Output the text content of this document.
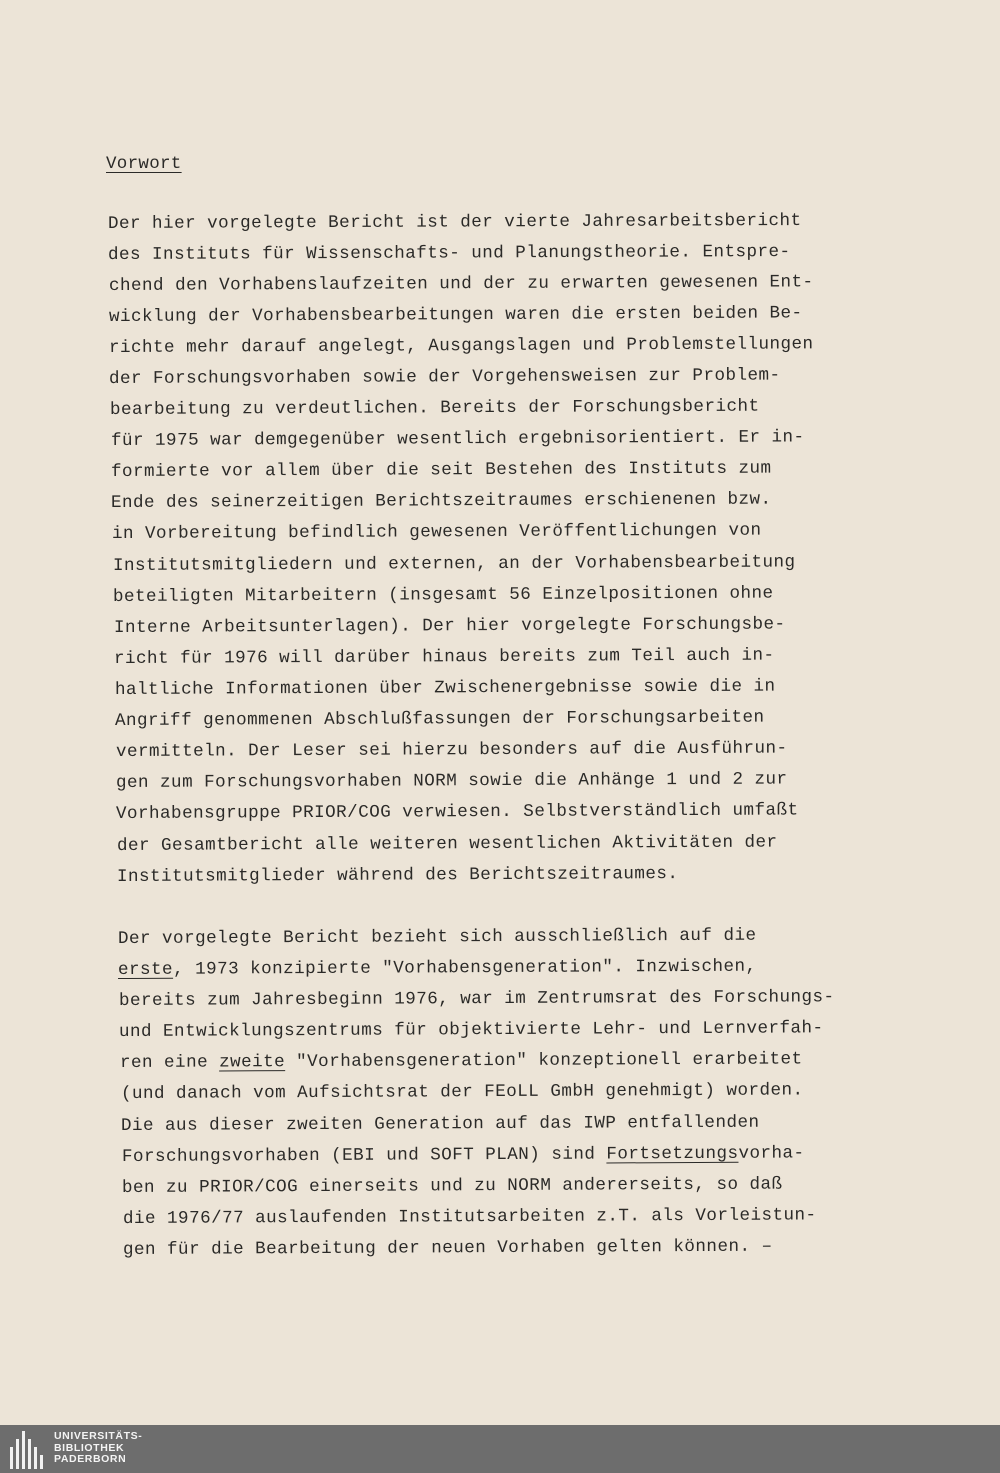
Vorwort
Der hier vorgelegte Bericht ist der vierte Jahresarbeitsbericht
des Instituts für Wissenschafts- und Planungstheorie. Entspre-
chend den Vorhabenslaufzeiten und der zu erwarten gewesenen Ent-
wicklung der Vorhabensbearbeitungen waren die ersten beiden Be-
richte mehr darauf angelegt, Ausgangslagen und Problemstellungen
der Forschungsvorhaben sowie der Vorgehensweisen zur Problem-
bearbeitung zu verdeutlichen. Bereits der Forschungsbericht
für 1975 war demgegenüber wesentlich ergebnisorientiert. Er in-
formierte vor allem über die seit Bestehen des Instituts zum
Ende des seinerzeitigen Berichtszeitraumes erschienenen bzw.
in Vorbereitung befindlich gewesenen Veröffentlichungen von
Institutsmitgliedern und externen, an der Vorhabensbearbeitung
beteiligten Mitarbeitern (insgesamt 56 Einzelpositionen ohne
Interne Arbeitsunterlagen). Der hier vorgelegte Forschungsbe-
richt für 1976 will darüber hinaus bereits zum Teil auch in-
haltliche Informationen über Zwischenergebnisse sowie die in
Angriff genommenen Abschlußfassungen der Forschungsarbeiten
vermitteln. Der Leser sei hierzu besonders auf die Ausführun-
gen zum Forschungsvorhaben NORM sowie die Anhänge 1 und 2 zur
Vorhabensgruppe PRIOR/COG verwiesen. Selbstverständlich umfaßt
der Gesamtbericht alle weiteren wesentlichen Aktivitäten der
Institutsmitglieder während des Berichtszeitraumes.
Der vorgelegte Bericht bezieht sich ausschließlich auf die
erste, 1973 konzipierte "Vorhabensgeneration". Inzwischen,
bereits zum Jahresbeginn 1976, war im Zentrumsrat des Forschungs-
und Entwicklungszentrums für objektivierte Lehr- und Lernverfah-
ren eine zweite "Vorhabensgeneration" konzeptionell erarbeitet
(und danach vom Aufsichtsrat der FEoLL GmbH genehmigt) worden.
Die aus dieser zweiten Generation auf das IWP entfallenden
Forschungsvorhaben (EBI und SOFT PLAN) sind Fortsetzungsvorha-
ben zu PRIOR/COG einerseits und zu NORM andererseits, so daß
die 1976/77 auslaufenden Institutsarbeiten z.T. als Vorleistun-
gen für die Bearbeitung der neuen Vorhaben gelten können. –
UNIVERSITÄTS-
BIBLIOTHEK
PADERBORN
